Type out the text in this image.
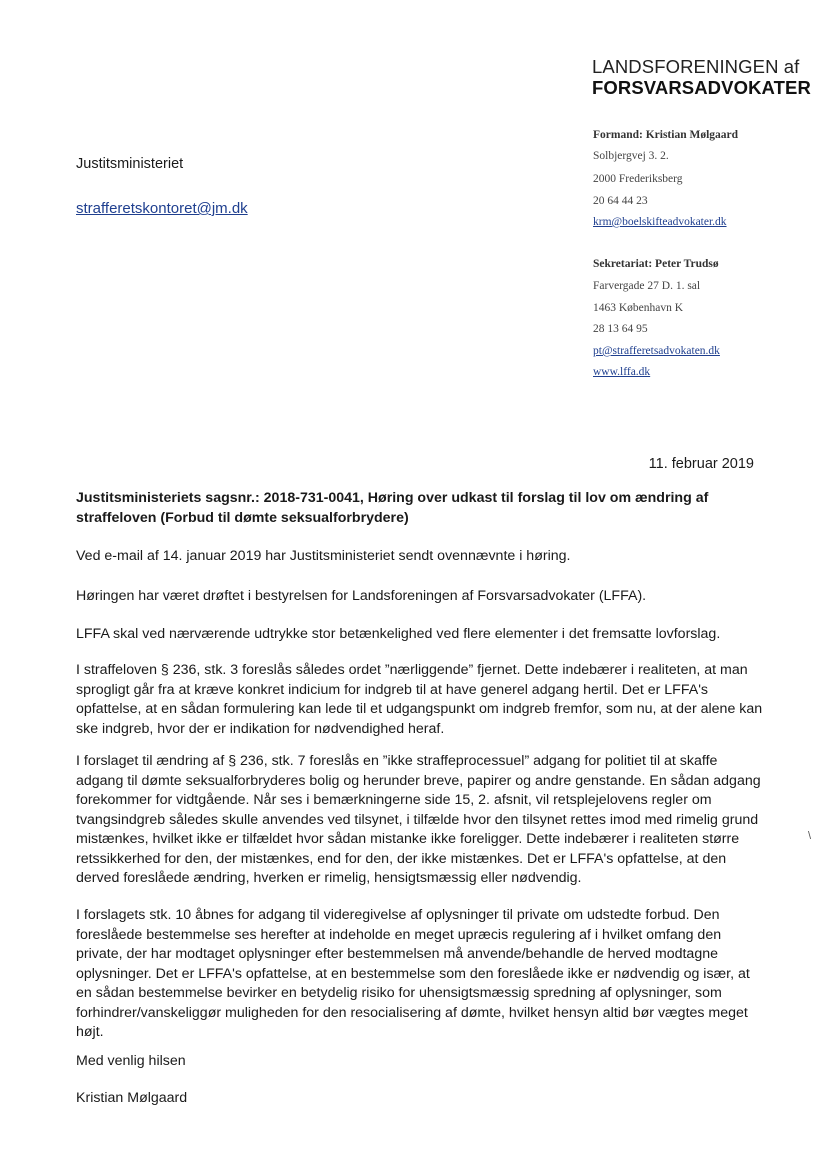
LANDSFORENINGEN af
FORSVARSADVOKATER
Justitsministeriet
strafferetskontoret@jm.dk
Formand: Kristian Mølgaard
Solbjergvej 3. 2.
2000 Frederiksberg
20 64 44 23
krm@boelskifteadvokater.dk
Sekretariat: Peter Trudsø
Farvergade 27 D. 1. sal
1463 København K
28 13 64 95
pt@strafferetsadvokaten.dk
www.lffa.dk
11. februar 2019
Justitsministeriets sagsnr.: 2018-731-0041, Høring over udkast til forslag til lov om ændring af straffeloven (Forbud til dømte seksualforbrydere)

Ved e-mail af 14. januar 2019 har Justitsministeriet sendt ovennævnte i høring.

Høringen har været drøftet i bestyrelsen for Landsforeningen af Forsvarsadvokater (LFFA).

LFFA skal ved nærværende udtrykke stor betænkelighed ved flere elementer i det fremsatte lovforslag.

I straffeloven § 236, stk. 3 foreslås således ordet ”nærliggende” fjernet. Dette indebærer i realiteten, at man sprogligt går fra at kræve konkret indicium for indgreb til at have generel adgang hertil. Det er LFFA's opfattelse, at en sådan formulering kan lede til et udgangspunkt om indgreb fremfor, som nu, at der alene kan ske indgreb, hvor der er indikation for nødvendighed heraf.

I forslaget til ændring af § 236, stk. 7 foreslås en ”ikke straffeprocessuel” adgang for politiet til at skaffe adgang til dømte seksualforbryderes bolig og herunder breve, papirer og andre genstande. En sådan adgang forekommer for vidtgående. Når ses i bemærkningerne side 15, 2. afsnit, vil retsplejelovens regler om tvangsindgreb således skulle anvendes ved tilsynet, i tilfælde hvor den tilsynet rettes imod med rimelig grund mistænkes, hvilket ikke er tilfældet hvor sådan mistanke ikke foreligger. Dette indebærer i realiteten større retssikkerhed for den, der mistænkes, end for den, der ikke mistænkes. Det er LFFA's opfattelse, at den derved foreslåede ændring, hverken er rimelig, hensigtsmæssig eller nødvendig.

I forslagets stk. 10 åbnes for adgang til videregivelse af oplysninger til private om udstedte forbud. Den foreslåede bestemmelse ses herefter at indeholde en meget upræcis regulering af i hvilket omfang den private, der har modtaget oplysninger efter bestemmelsen må anvende/behandle de herved modtagne oplysninger. Det er LFFA's opfattelse, at en bestemmelse som den foreslåede ikke er nødvendig og især, at en sådan bestemmelse bevirker en betydelig risiko for uhensigtsmæssig spredning af oplysninger, som forhindrer/vanskeliggør muligheden for den resocialisering af dømte, hvilket hensyn altid bør vægtes meget højt.

Med venlig hilsen
Kristian Mølgaard
\
